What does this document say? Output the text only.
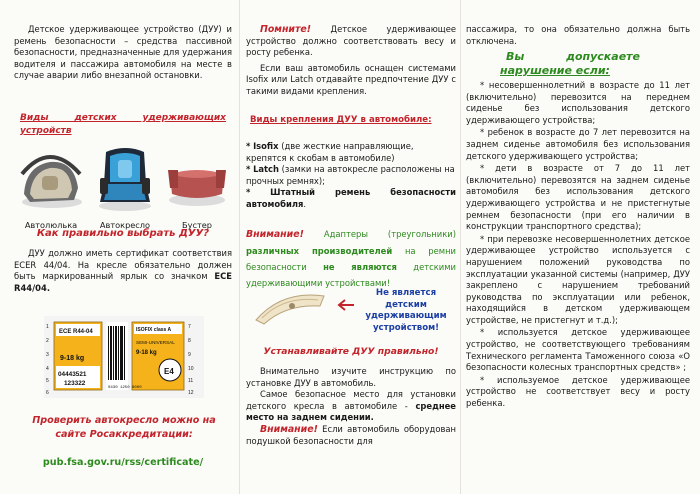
Детское удерживающее устройство (ДУУ) и ремень безопасности – средства пассивной безопасности, предназначенные для удержания водителя и пассажира автомобиля на месте в случае аварии либо внезапной остановки.

Виды детских удерживающих устройств
Автолюлька	Автокресло	Бустер
Как правильно выбрать ДУУ?

ДУУ должно иметь сертификат соответствия ECER 44/04. На кресле обязательно должен быть маркированный ярлык со значком ECE R44/04.

ECE R44-04
9-18 kg
04443521
123322
ISOFIX class A
SEMI-UNIVERSAL
9-18 kg
E4
1
2
3
4
5
6
7
8
9
10
11
12
0430 1250 8000
Проверить автокресло можно на сайте Росаккредитации:
pub.fsa.gov.ru/rss/certificate/

Помните! Детское удерживающее устройство должно соответствовать весу и росту ребенка.

Если ваш автомобиль оснащен системами Isofix или Latch отдавайте предпочтение ДУУ с такими видами крепления.

Виды крепления ДУУ в автомобиле:

* Isofix (две жесткие направляющие, крепятся к скобам в автомобиле)

* Latch (замки на автокресле расположены на прочных ремнях);

* Штатный ремень безопасности автомобиля.

Внимание! Адаптеры (треугольники) различных производителей на ремни безопасности не являются детскими удерживающими устройствами!

Не является детским удерживающим устройством!
Устанавливайте ДУУ правильно!

Внимательно изучите инструкцию по установке ДУУ в автомобиль.

Самое безопасное место для установки детского кресла в автомобиле - среднее место на заднем сидении.

Внимание! Если автомобиль оборудован подушкой безопасности для

пассажира, то она обязательно должна быть отключена.

Вы	допускаете
нарушение если:

* несовершеннолетний в возрасте до 11 лет (включительно) перевозится на переднем сиденье без использования детского удерживающего устройства;

* ребенок в возрасте до 7 лет перевозится на заднем сиденье автомобиля без использования детского удерживающего устройства;

* дети в возрасте от 7 до 11 лет (включительно) перевозятся на заднем сиденье автомобиля без использования детского удерживающего устройства и не пристегнутые ремнем безопасности (при его наличии в конструкции транспортного средства);

* при перевозке несовершеннолетних детское удерживающее устройство используется с нарушением положений руководства по эксплуатации указанной системы (например, ДУУ закреплено с нарушением требований руководства по эксплуатации или ребенок, находящийся в детском удерживающем устройстве, не пристегнут и т.д.);

* используется детское удерживающее устройство, не соответствующего требованиям Технического регламента Таможенного союза «О безопасности колесных транспортных средств» ;

* используемое детское удерживающее устройство не соответствует весу и росту ребенка.
